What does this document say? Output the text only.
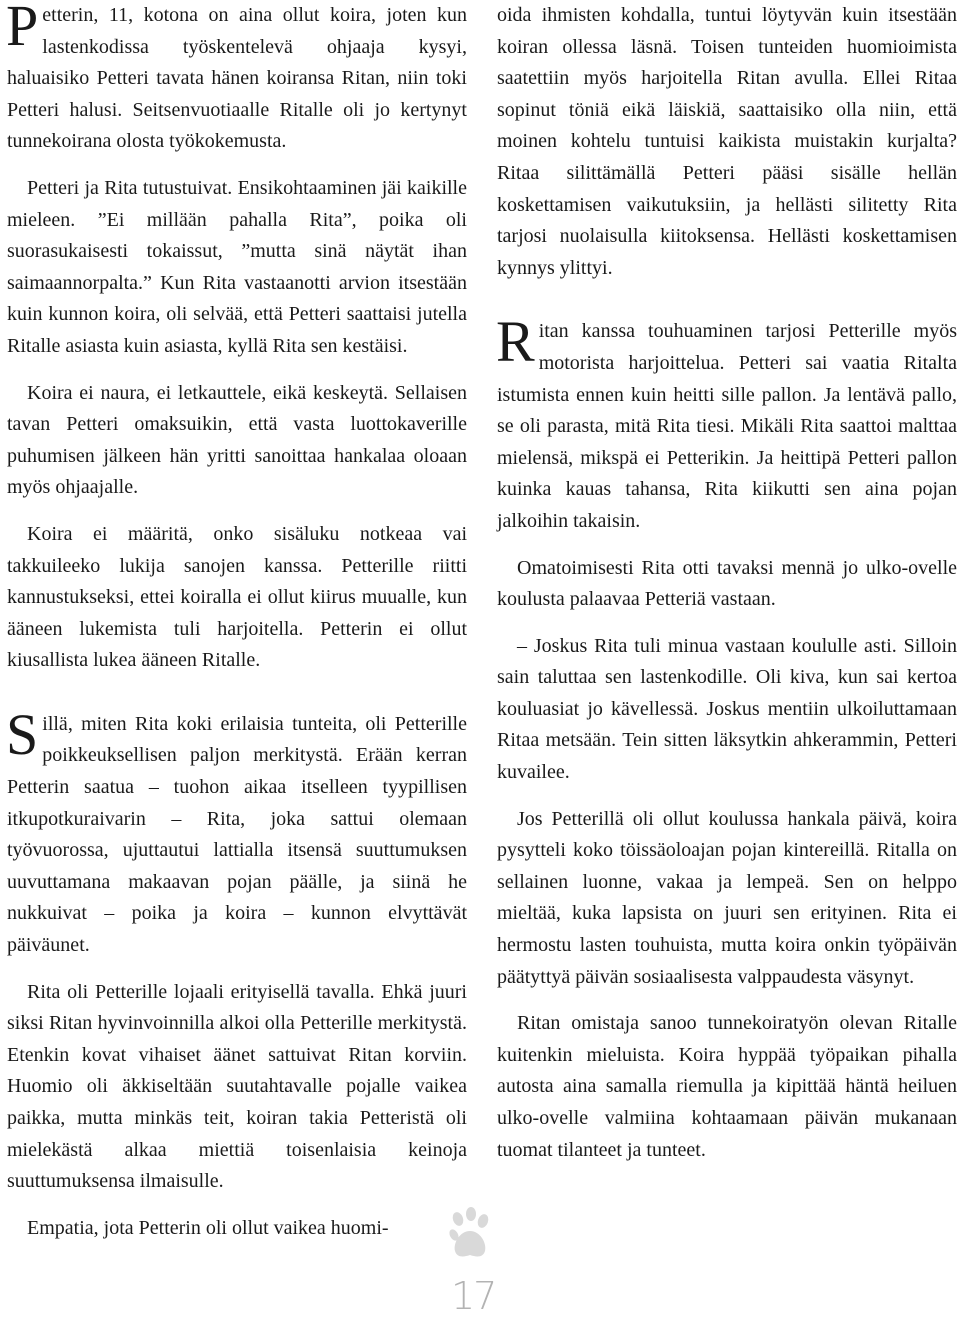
Petterin, 11, kotona on aina ollut koira, joten kun lastenkodissa työskentelevä ohjaaja kysyi, haluaisiko Petteri tavata hänen koiransa Ritan, niin toki Petteri halusi. Seitsenvuotiaalle Ritalle oli jo kertynyt tunnekoirana olosta työkokemusta.

Petteri ja Rita tutustuivat. Ensikohtaaminen jäi kaikille mieleen. ”Ei millään pahalla Rita”, poika oli suorasukaisesti tokaissut, ”mutta sinä näytät ihan saimaannorpalta.” Kun Rita vastaanotti arvion itsestään kuin kunnon koira, oli selvää, että Petteri saattaisi jutella Ritalle asiasta kuin asiasta, kyllä Rita sen kestäisi.

Koira ei naura, ei letkauttele, eikä keskeytä. Sellaisen tavan Petteri omaksuikin, että vasta luottokaverille puhumisen jälkeen hän yritti sanoittaa hankalaa oloaan myös ohjaajalle.

Koira ei määritä, onko sisäluku notkeaa vai takkuileeko lukija sanojen kanssa. Petterille riitti kannustukseksi, ettei koiralla ei ollut kiirus muualle, kun ääneen lukemista tuli harjoitella. Petterin ei ollut kiusallista lukea ääneen Ritalle.

Sillä, miten Rita koki erilaisia tunteita, oli Petterille poikkeuksellisen paljon merkitystä. Erään kerran Petterin saatua – tuohon aikaa itselleen tyypillisen itkupotkuraivarin – Rita, joka sattui olemaan työvuorossa, ujuttautui lattialla itsensä suuttumuksen uuvuttamana makaavan pojan päälle, ja siinä he nukkuivat – poika ja koira – kunnon elvyttävät päiväunet.

Rita oli Petterille lojaali erityisellä tavalla. Ehkä juuri siksi Ritan hyvinvoinnilla alkoi olla Petterille merkitystä. Etenkin kovat vihaiset äänet sattuivat Ritan korviin. Huomio oli äkkiseltään suutahtavalle pojalle vaikea paikka, mutta minkäs teit, koiran takia Petteristä oli mielekästä alkaa miettiä toisenlaisia keinoja suuttumuksensa ilmaisulle.

Empatia, jota Petterin oli ollut vaikea huomi-

oida ihmisten kohdalla, tuntui löytyvän kuin itsestään koiran ollessa läsnä. Toisen tunteiden huomioimista saatettiin myös harjoitella Ritan avulla. Ellei Ritaa sopinut töniä eikä läiskiä, saattaisiko olla niin, että moinen kohtelu tuntuisi kaikista muistakin kurjalta? Ritaa silittämällä Petteri pääsi sisälle hellän koskettamisen vaikutuksiin, ja hellästi silitetty Rita tarjosi nuolaisulla kiitoksensa. Hellästi koskettamisen kynnys ylittyi.

Ritan kanssa touhuaminen tarjosi Petterille myös motorista harjoittelua. Petteri sai vaatia Ritalta istumista ennen kuin heitti sille pallon. Ja lentävä pallo, se oli parasta, mitä Rita tiesi. Mikäli Rita saattoi malttaa mielensä, mikspä ei Petterikin. Ja heittipä Petteri pallon kuinka kauas tahansa, Rita kiikutti sen aina pojan jalkoihin takaisin.

Omatoimisesti Rita otti tavaksi mennä jo ulko-ovelle koulusta palaavaa Petteriä vastaan.

– Joskus Rita tuli minua vastaan koululle asti. Silloin sain taluttaa sen lastenkodille. Oli kiva, kun sai kertoa kouluasiat jo kävellessä. Joskus mentiin ulkoiluttamaan Ritaa metsään. Tein sitten läksytkin ahkerammin, Petteri kuvailee.

Jos Petterillä oli ollut koulussa hankala päivä, koira pysytteli koko töissäoloajan pojan kintereillä. Ritalla on sellainen luonne, vakaa ja lempeä. Sen on helppo mieltää, kuka lapsista on juuri sen erityinen. Rita ei hermostu lasten touhuista, mutta koira onkin työpäivän päätyttyä päivän sosiaalisesta valppaudesta väsynyt.

Ritan omistaja sanoo tunnekoiratyön olevan Ritalle kuitenkin mieluista. Koira hyppää työpaikan pihalla autosta aina samalla riemulla ja kipittää häntä heiluen ulko-ovelle valmiina kohtaamaan päivän mukanaan tuomat tilanteet ja tunteet.

17
